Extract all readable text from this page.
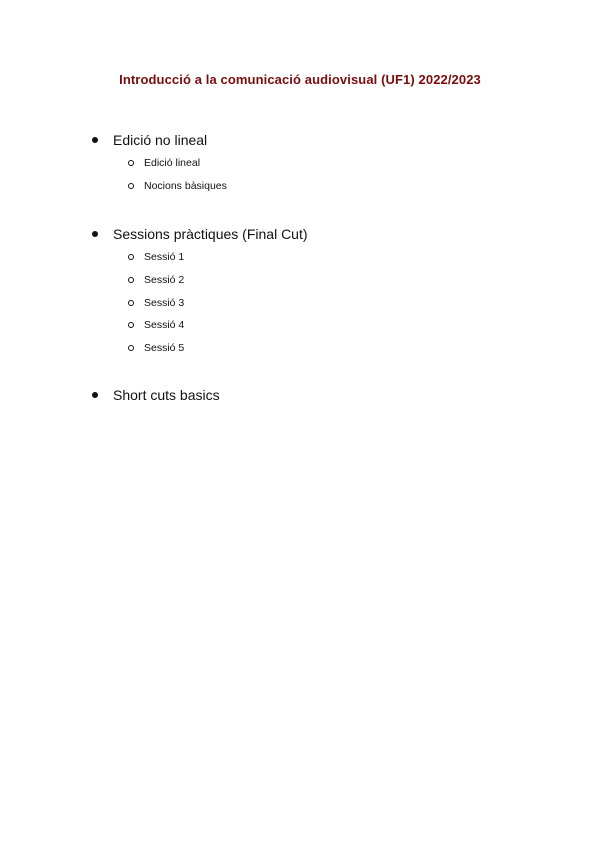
Introducció a la comunicació audiovisual (UF1) 2022/2023
Edició no lineal
Edició lineal
Nocions bàsiques
Sessions pràctiques (Final Cut)
Sessió 1
Sessió 2
Sessió 3
Sessió 4
Sessió 5
Short cuts basics
